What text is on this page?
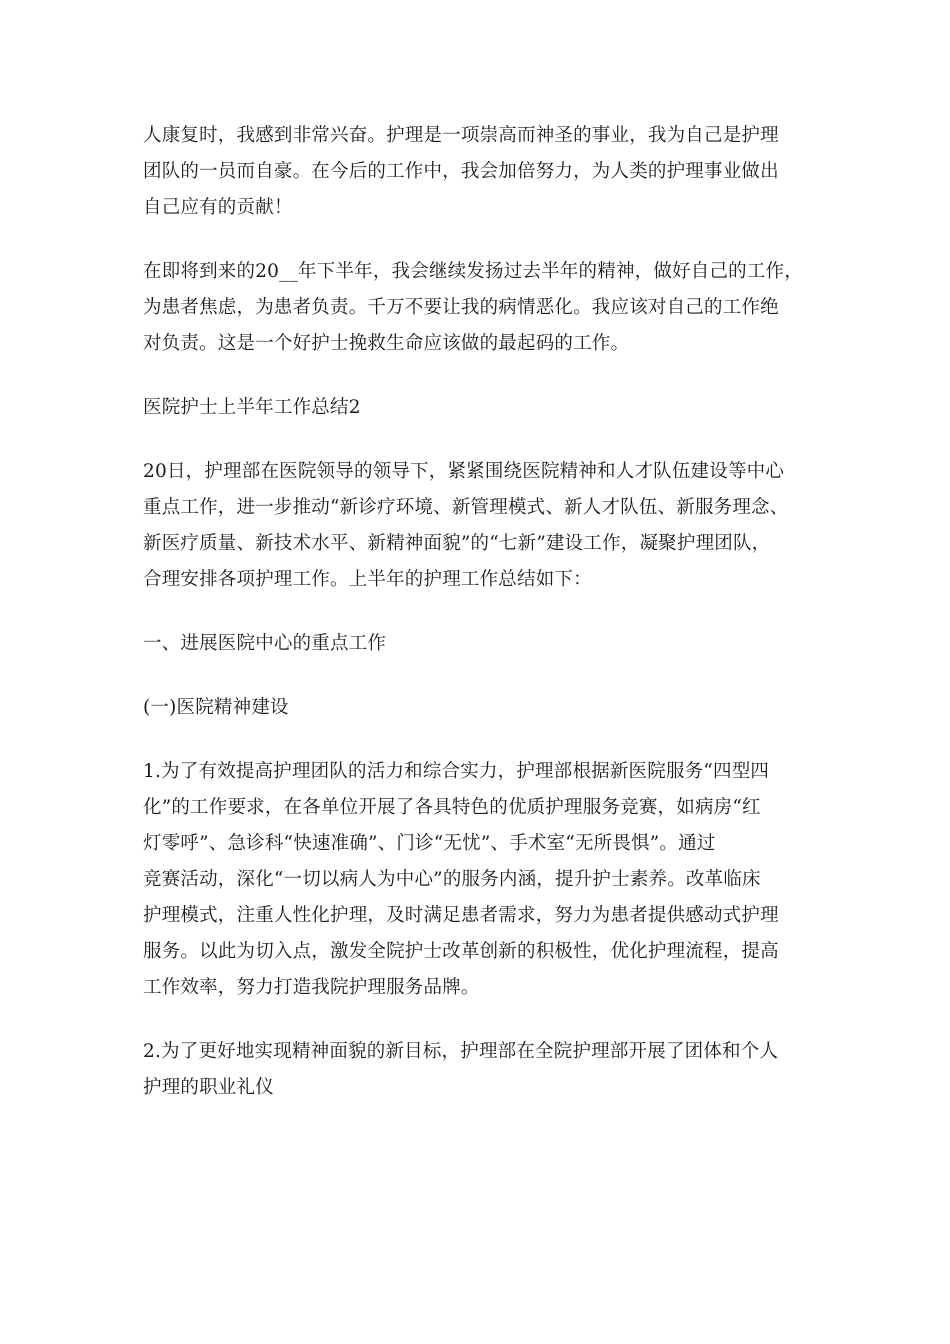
人康复时，我感到非常兴奋。护理是一项崇高而神圣的事业，我为自己是护理
团队的一员而自豪。在今后的工作中，我会加倍努力，为人类的护理事业做出
自己应有的贡献！

在即将到来的20__年下半年，我会继续发扬过去半年的精神，做好自己的工作，
为患者焦虑，为患者负责。千万不要让我的病情恶化。我应该对自己的工作绝
对负责。这是一个好护士挽救生命应该做的最起码的工作。

医院护士上半年工作总结2

20日，护理部在医院领导的领导下，紧紧围绕医院精神和人才队伍建设等中心
重点工作，进一步推动“新诊疗环境、新管理模式、新人才队伍、新服务理念、
新医疗质量、新技术水平、新精神面貌”的“七新”建设工作，凝聚护理团队，
合理安排各项护理工作。上半年的护理工作总结如下：

一、进展医院中心的重点工作

(一)医院精神建设

1.为了有效提高护理团队的活力和综合实力，护理部根据新医院服务“四型四
化”的工作要求，在各单位开展了各具特色的优质护理服务竞赛，如病房“红
灯零呼”、急诊科“快速准确”、门诊“无忧”、手术室“无所畏惧”。通过
竞赛活动，深化“一切以病人为中心”的服务内涵，提升护士素养。改革临床
护理模式，注重人性化护理，及时满足患者需求，努力为患者提供感动式护理
服务。以此为切入点，激发全院护士改革创新的积极性，优化护理流程，提高
工作效率，努力打造我院护理服务品牌。

2.为了更好地实现精神面貌的新目标，护理部在全院护理部开展了团体和个人
护理的职业礼仪
